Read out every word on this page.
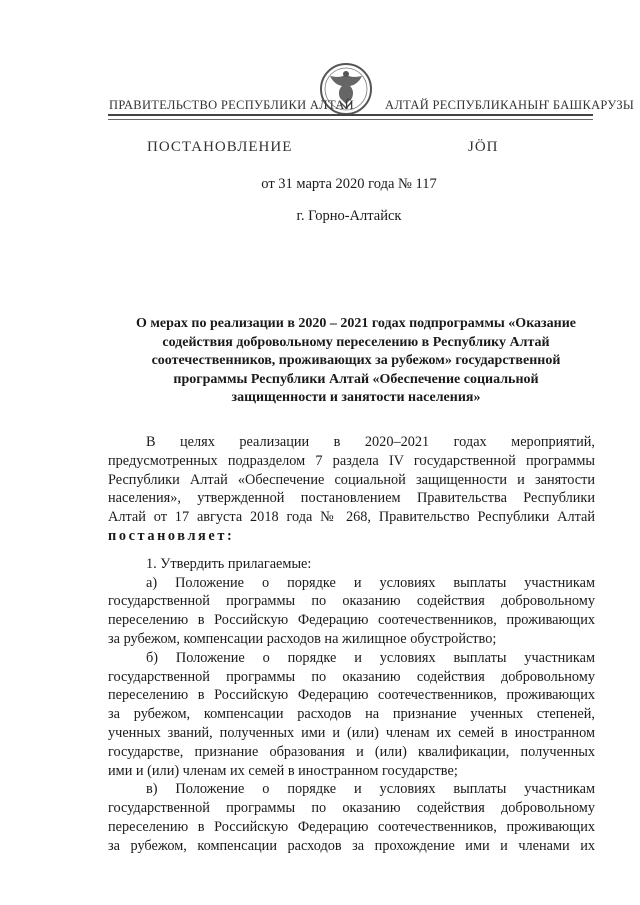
ПРАВИТЕЛЬСТВО РЕСПУБЛИКИ АЛТАЙ АЛТАЙ РЕСПУБЛИКАНЫҤ БАШКАРУЗЫ
ПОСТАНОВЛЕНИЕ	ЈӦП
от 31 марта 2020 года № 117
г. Горно-Алтайск
О мерах по реализации в 2020 – 2021 годах подпрограммы «Оказание
содействия добровольному переселению в Республику Алтай
соотечественников, проживающих за рубежом» государственной
программы Республики Алтай «Обеспечение социальной
защищенности и занятости населения»
В целях реализации в 2020–2021 годах мероприятий,
предусмотренных подразделом 7 раздела IV государственной программы
Республики Алтай «Обеспечение социальной защищенности и занятости
населения», утвержденной постановлением Правительства Республики
Алтай от 17 августа 2018 года № 268, Правительство Республики Алтай
постановляет:
1. Утвердить прилагаемые:
а) Положение о порядке и условиях выплаты участникам
государственной программы по оказанию содействия добровольному
переселению в Российскую Федерацию соотечественников, проживающих
за рубежом, компенсации расходов на жилищное обустройство;
б) Положение о порядке и условиях выплаты участникам
государственной программы по оказанию содействия добровольному
переселению в Российскую Федерацию соотечественников, проживающих
за рубежом, компенсации расходов на признание ученных степеней,
ученных званий, полученных ими и (или) членам их семей в иностранном
государстве, признание образования и (или) квалификации, полученных
ими и (или) членам их семей в иностранном государстве;
в) Положение о порядке и условиях выплаты участникам
государственной программы по оказанию содействия добровольному
переселению в Российскую Федерацию соотечественников, проживающих
за рубежом, компенсации расходов за прохождение ими и членами их
